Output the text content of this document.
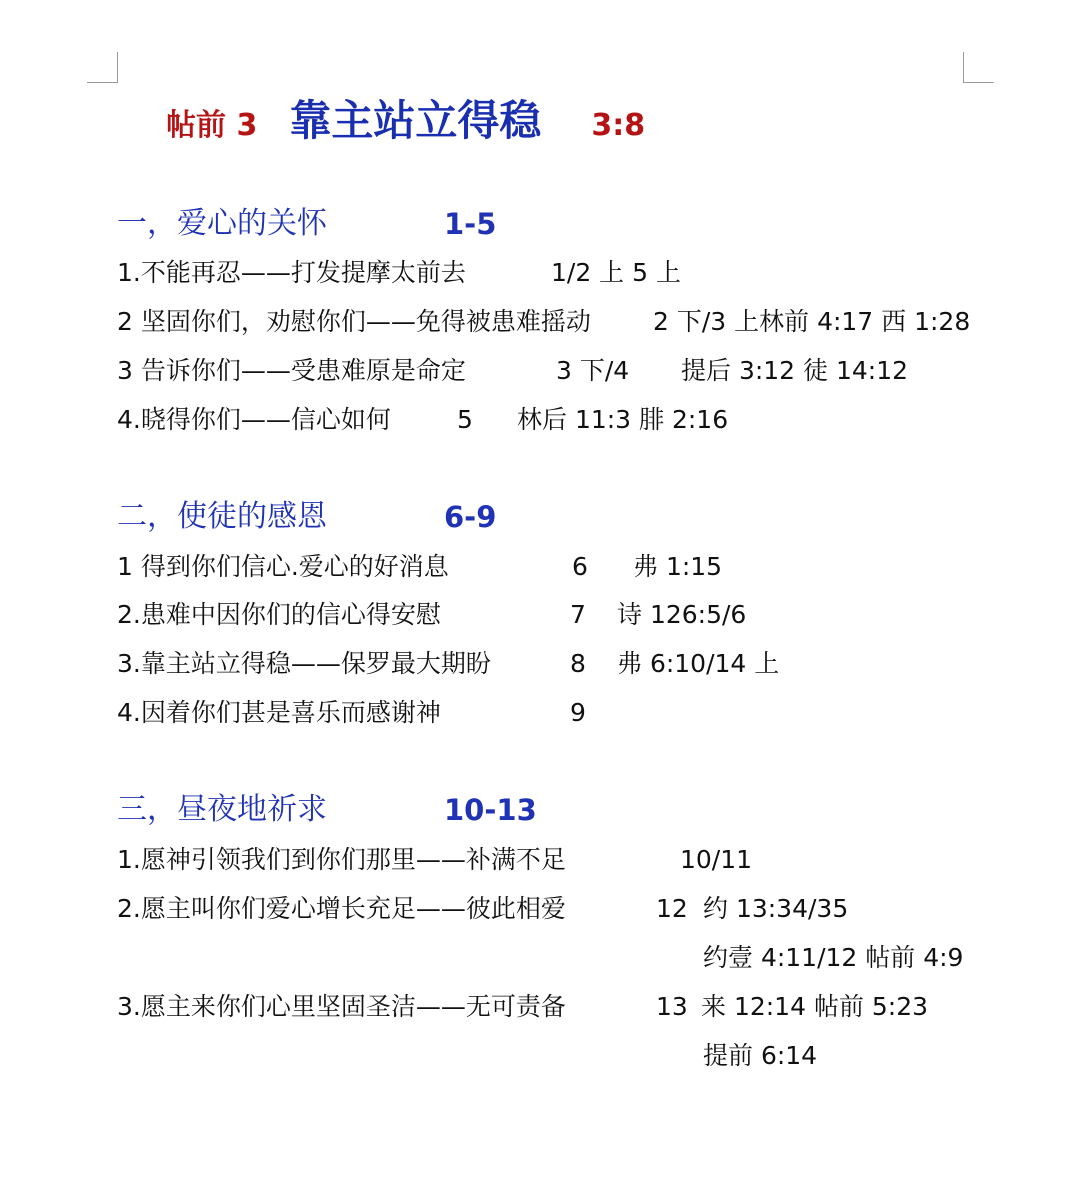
帖前 3 靠主站立得稳 3:8
一，爱心的关怀	1-5
1.不能再忍——打发提摩太前去	1/2 上 5 上
2 坚固你们，劝慰你们——免得被患难摇动 2 下/3 上林前 4:17 西 1:28
3 告诉你们——受患难原是命定	3 下/4 提后 3:12 徒 14:12
4.晓得你们——信心如何	5 林后 11:3 腓 2:16
二，使徒的感恩	6-9
1 得到你们信心.爱心的好消息	6 弗 1:15
2.患难中因你们的信心得安慰	7 诗 126:5/6
3.靠主站立得稳——保罗最大期盼	8 弗 6:10/14 上
4.因着你们甚是喜乐而感谢神	9
三，昼夜地祈求	10-13
1.愿神引领我们到你们那里——补满不足	10/11
2.愿主叫你们爱心增长充足——彼此相爱	12 约 13:34/35
约壹 4:11/12 帖前 4:9
3.愿主来你们心里坚固圣洁——无可责备	13 来 12:14 帖前 5:23
提前 6:14
